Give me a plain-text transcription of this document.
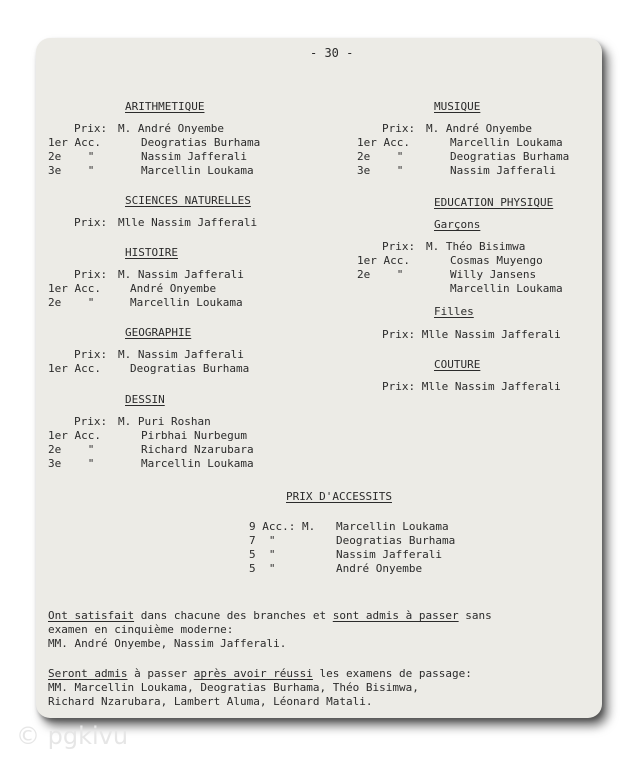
- 30 -
ARITHMETIQUE
Prix: M. André Onyembe
1er Acc.	Deogratias Burhama
2e    "	Nassim Jafferali
3e    "	Marcellin Loukama
SCIENCES NATURELLES
Prix: Mlle Nassim Jafferali
HISTOIRE
Prix: M. Nassim Jafferali
1er Acc.	André Onyembe
2e    "	Marcellin Loukama
GEOGRAPHIE
Prix: M. Nassim Jafferali
1er Acc.	Deogratias Burhama
DESSIN
Prix: M. Puri Roshan
1er Acc.	Pirbhai Nurbegum
2e    "	Richard Nzarubara
3e    "	Marcellin Loukama
MUSIQUE
Prix: M. André Onyembe
1er Acc.	Marcellin Loukama
2e    "	Deogratias Burhama
3e    "	Nassim Jafferali
EDUCATION PHYSIQUE
Garçons
Prix: M. Théo Bisimwa
1er Acc.	Cosmas Muyengo
2e    "	Willy Jansens
Marcellin Loukama
Filles
Prix: Mlle Nassim Jafferali
COUTURE
Prix: Mlle Nassim Jafferali
PRIX D'ACCESSITS
9 Acc.: M. Marcellin Loukama
7  "	Deogratias Burhama
5  "	Nassim Jafferali
5  "	André Onyembe
Ont satisfait dans chacune des branches et sont admis à passer sans
examen en cinquième moderne:
MM. André Onyembe, Nassim Jafferali.
Seront admis à passer après avoir réussi les examens de passage:
MM. Marcellin Loukama, Deogratias Burhama, Théo Bisimwa,
Richard Nzarubara, Lambert Aluma, Léonard Matali.
© pgkivu
